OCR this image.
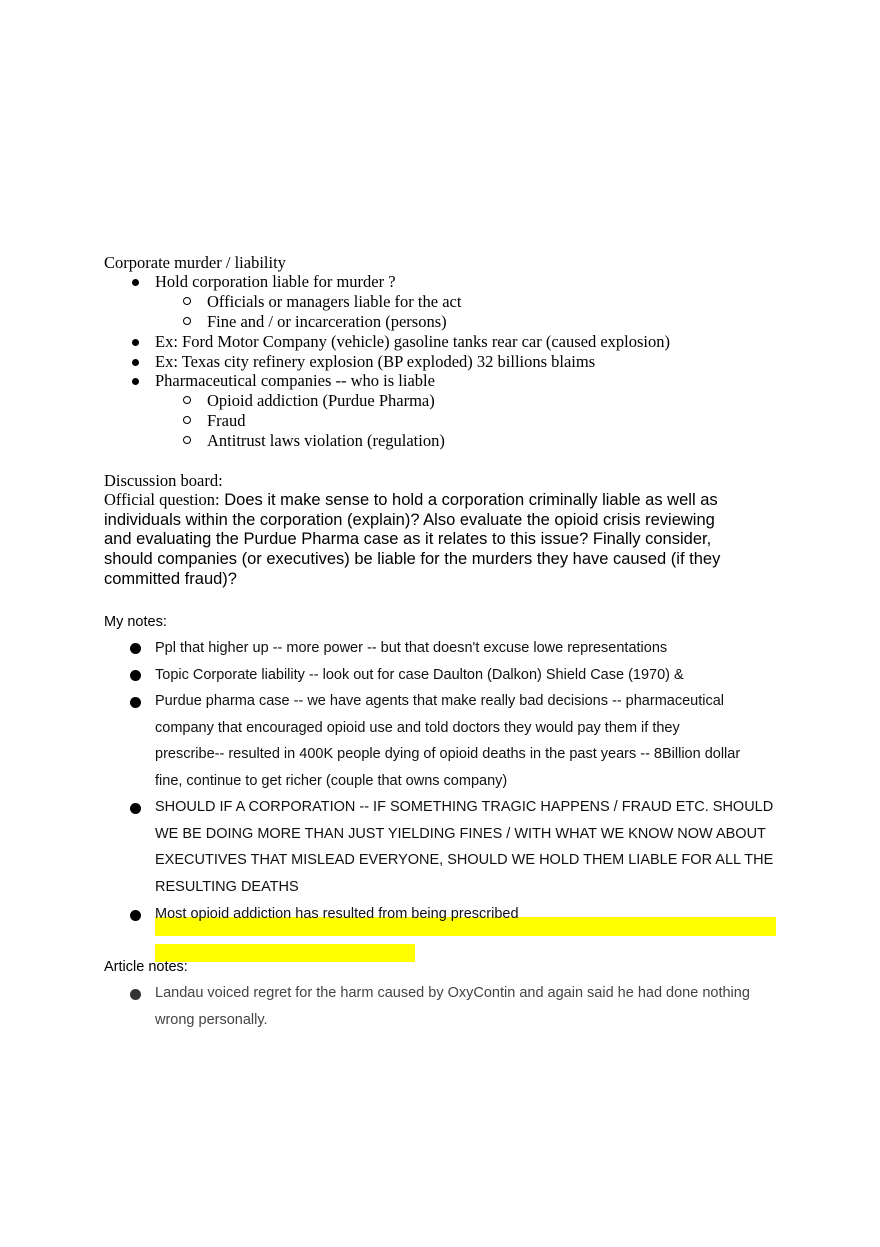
Corporate murder / liability
Hold corporation liable for murder ?
Officials or managers liable for the act
Fine and / or incarceration (persons)
Ex: Ford Motor Company (vehicle) gasoline tanks rear car (caused explosion)
Ex: Texas city refinery explosion (BP exploded) 32 billions blaims
Pharmaceutical companies -- who is liable
Opioid addiction (Purdue Pharma)
Fraud
Antitrust laws violation (regulation)
Discussion board:
Official question: Does it make sense to hold a corporation criminally liable as well as
individuals within the corporation (explain)? Also evaluate the opioid crisis reviewing
and evaluating the Purdue Pharma case as it relates to this issue? Finally consider,
should companies (or executives) be liable for the murders they have caused (if they
committed fraud)?
My notes:
Ppl that higher up -- more power -- but that doesn't excuse lowe representations
Topic Corporate liability -- look out for case Daulton (Dalkon) Shield Case (1970) &
Purdue pharma case -- we have agents that make really bad decisions -- pharmaceutical
company that encouraged opioid use and told doctors they would pay them if they
prescribe-- resulted in 400K people dying of opioid deaths in the past years -- 8Billion dollar
fine, continue to get richer (couple that owns company)
SHOULD IF A CORPORATION -- IF SOMETHING TRAGIC HAPPENS / FRAUD ETC. SHOULD
WE BE DOING MORE THAN JUST YIELDING FINES / WITH WHAT WE KNOW NOW ABOUT
EXECUTIVES THAT MISLEAD EVERYONE, SHOULD WE HOLD THEM LIABLE FOR ALL THE
RESULTING DEATHS
Most opioid addiction has resulted from being prescribed
Article notes:
Landau voiced regret for the harm caused by OxyContin and again said he had done nothing
wrong personally.
